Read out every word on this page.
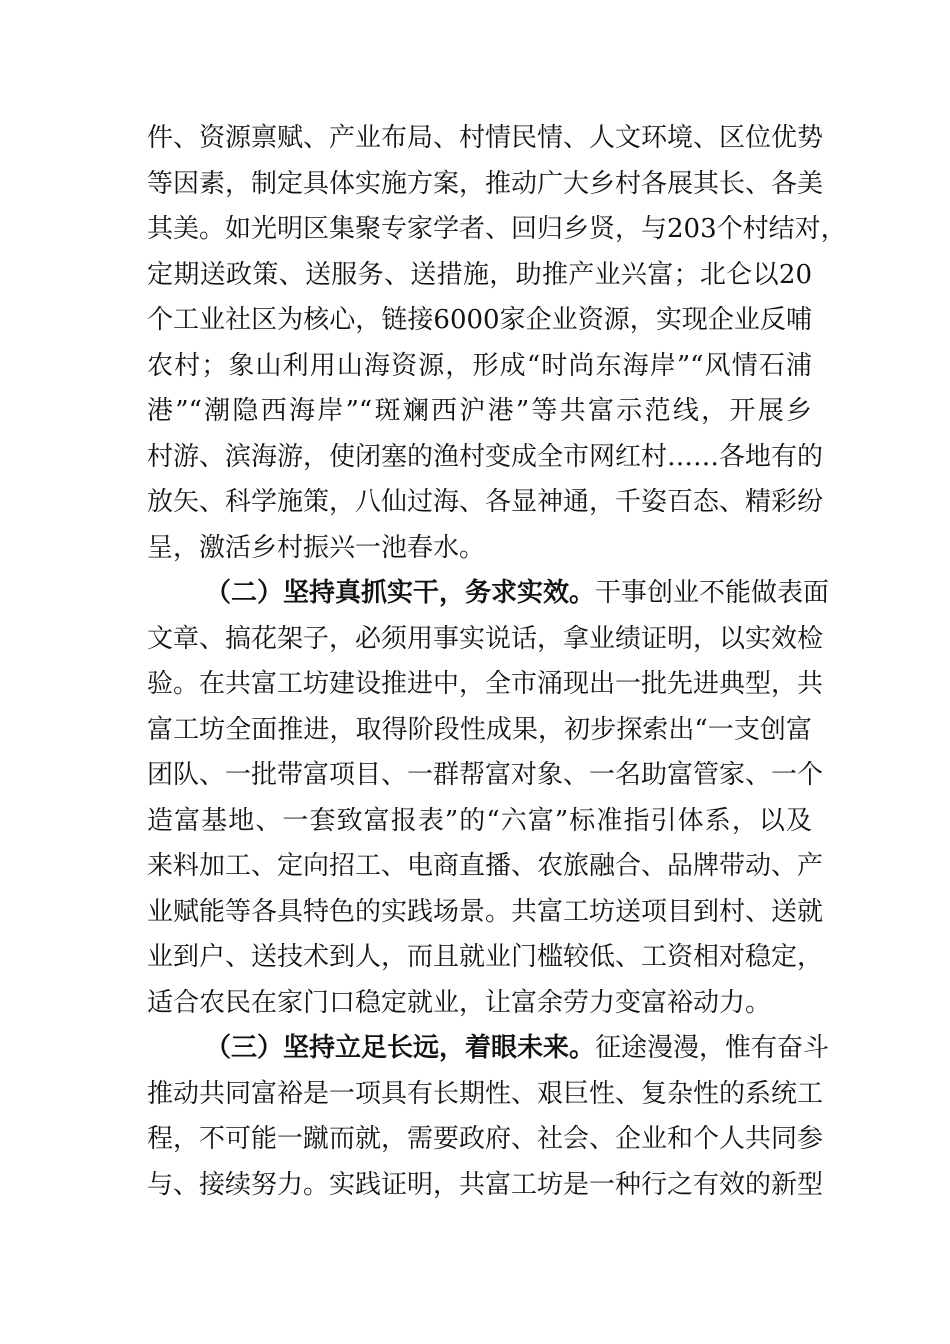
件、资源禀赋、产业布局、村情民情、人文环境、区位优势
等因素，制定具体实施方案，推动广大乡村各展其长、各美
其美。如光明区集聚专家学者、回归乡贤，与203个村结对，
定期送政策、送服务、送措施，助推产业兴富；北仑以20
个工业社区为核心，链接6000家企业资源，实现企业反哺
农村；象山利用山海资源，形成“时尚东海岸”“风情石浦
港”“潮隐西海岸”“斑斓西沪港”等共富示范线，开展乡
村游、滨海游，使闭塞的渔村变成全市网红村……各地有的
放矢、科学施策，八仙过海、各显神通，千姿百态、精彩纷
呈，激活乡村振兴一池春水。
（二）坚持真抓实干，务求实效。干事创业不能做表面
文章、搞花架子，必须用事实说话，拿业绩证明，以实效检
验。在共富工坊建设推进中，全市涌现出一批先进典型，共
富工坊全面推进，取得阶段性成果，初步探索出“一支创富
团队、一批带富项目、一群帮富对象、一名助富管家、一个
造富基地、一套致富报表”的“六富”标准指引体系，以及
来料加工、定向招工、电商直播、农旅融合、品牌带动、产
业赋能等各具特色的实践场景。共富工坊送项目到村、送就
业到户、送技术到人，而且就业门槛较低、工资相对稳定，
适合农民在家门口稳定就业，让富余劳力变富裕动力。
（三）坚持立足长远，着眼未来。征途漫漫，惟有奋斗
推动共同富裕是一项具有长期性、艰巨性、复杂性的系统工
程，不可能一蹴而就，需要政府、社会、企业和个人共同参
与、接续努力。实践证明，共富工坊是一种行之有效的新型
